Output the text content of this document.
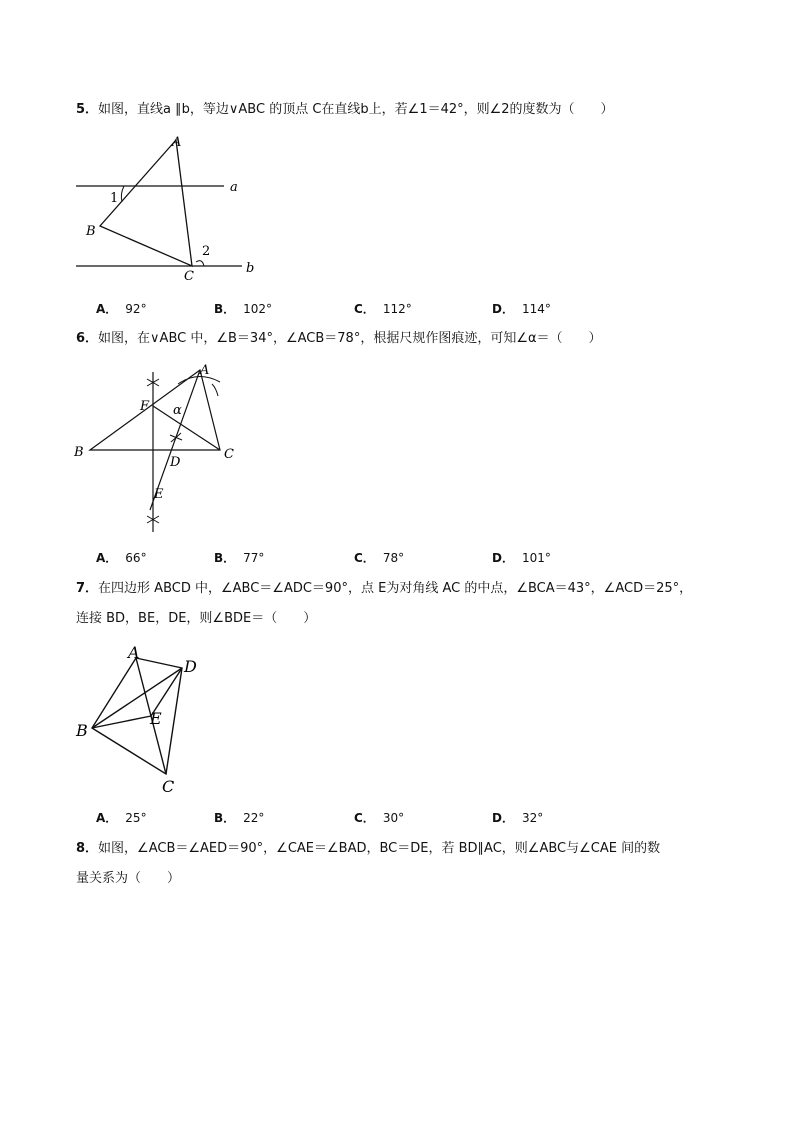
5．如图，直线a ∥b，等边∨ABC 的顶点 C在直线b上，若∠1＝42°，则∠2的度数为（　　）
A
B
C
a
b
1
2
A． 92°	B． 102°	C． 112°	D． 114°
6．如图，在∨ABC 中，∠B＝34°，∠ACB＝78°，根据尺规作图痕迹，可知∠α＝（　　）
A
B	C
D
E
F α
A． 66°	B． 77°	C． 78°	D． 101°
7．在四边形 ABCD 中，∠ABC＝∠ADC＝90°，点 E为对角线 AC 的中点，∠BCA＝43°，∠ACD＝25°，
连接 BD，BE，DE，则∠BDE＝（　　）
A
B
C
D
E
A． 25°	B． 22°	C． 30°	D． 32°
8．如图，∠ACB＝∠AED＝90°，∠CAE＝∠BAD，BC＝DE，若 BD∥AC，则∠ABC与∠CAE 间的数
量关系为（　　）
